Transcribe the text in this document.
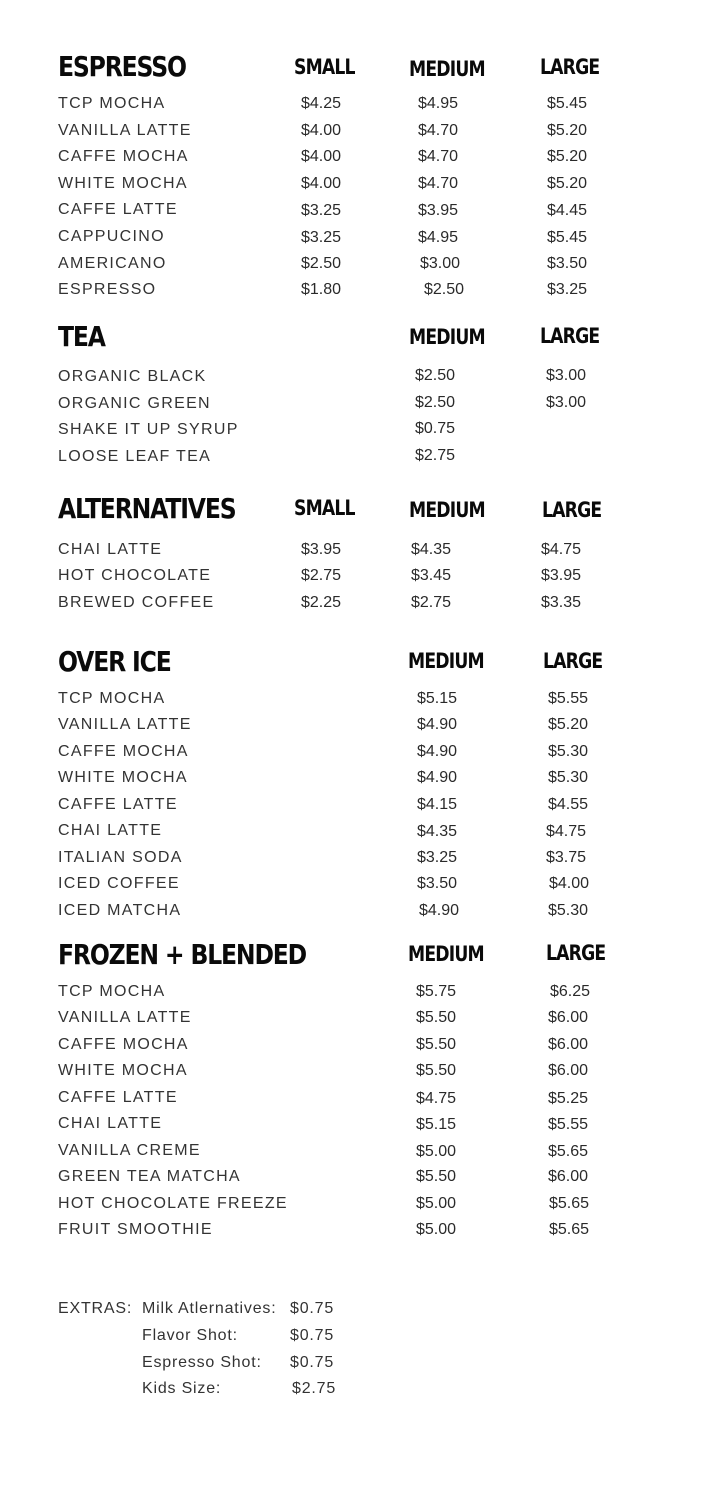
ESPRESSO	SMALL	MEDIUM	LARGE
TCP MOCHA	$4.25	$4.95	$5.45
VANILLA LATTE	$4.00	$4.70	$5.20
CAFFE MOCHA	$4.00	$4.70	$5.20
WHITE MOCHA	$4.00	$4.70	$5.20
CAFFE LATTE	$3.25	$3.95	$4.45
CAPPUCINO	$3.25	$4.95	$5.45
AMERICANO	$2.50	$3.00	$3.50
ESPRESSO	$1.80	$2.50	$3.25
TEA	MEDIUM	LARGE
ORGANIC BLACK	$2.50	$3.00
ORGANIC GREEN	$2.50	$3.00
SHAKE IT UP SYRUP	$0.75
LOOSE LEAF TEA	$2.75
ALTERNATIVES	SMALL	MEDIUM	LARGE
CHAI LATTE	$3.95	$4.35	$4.75
HOT CHOCOLATE	$2.75	$3.45	$3.95
BREWED COFFEE	$2.25	$2.75	$3.35
OVER ICE	MEDIUM	LARGE
TCP MOCHA	$5.15	$5.55
VANILLA LATTE	$4.90	$5.20
CAFFE MOCHA	$4.90	$5.30
WHITE MOCHA	$4.90	$5.30
CAFFE LATTE	$4.15	$4.55
CHAI LATTE	$4.35	$4.75
ITALIAN SODA	$3.25	$3.75
ICED COFFEE	$3.50	$4.00
ICED MATCHA	$4.90	$5.30
FROZEN + BLENDED	MEDIUM	LARGE
TCP MOCHA	$5.75	$6.25
VANILLA LATTE	$5.50	$6.00
CAFFE MOCHA	$5.50	$6.00
WHITE MOCHA	$5.50	$6.00
CAFFE LATTE	$4.75	$5.25
CHAI LATTE	$5.15	$5.55
VANILLA CREME	$5.00	$5.65
GREEN TEA MATCHA	$5.50	$6.00
HOT CHOCOLATE FREEZE	$5.00	$5.65
FRUIT SMOOTHIE	$5.00	$5.65
EXTRAS: Milk Atlernatives: $0.75
Flavor Shot:	$0.75
Espresso Shot: $0.75
Kids Size:	$2.75
